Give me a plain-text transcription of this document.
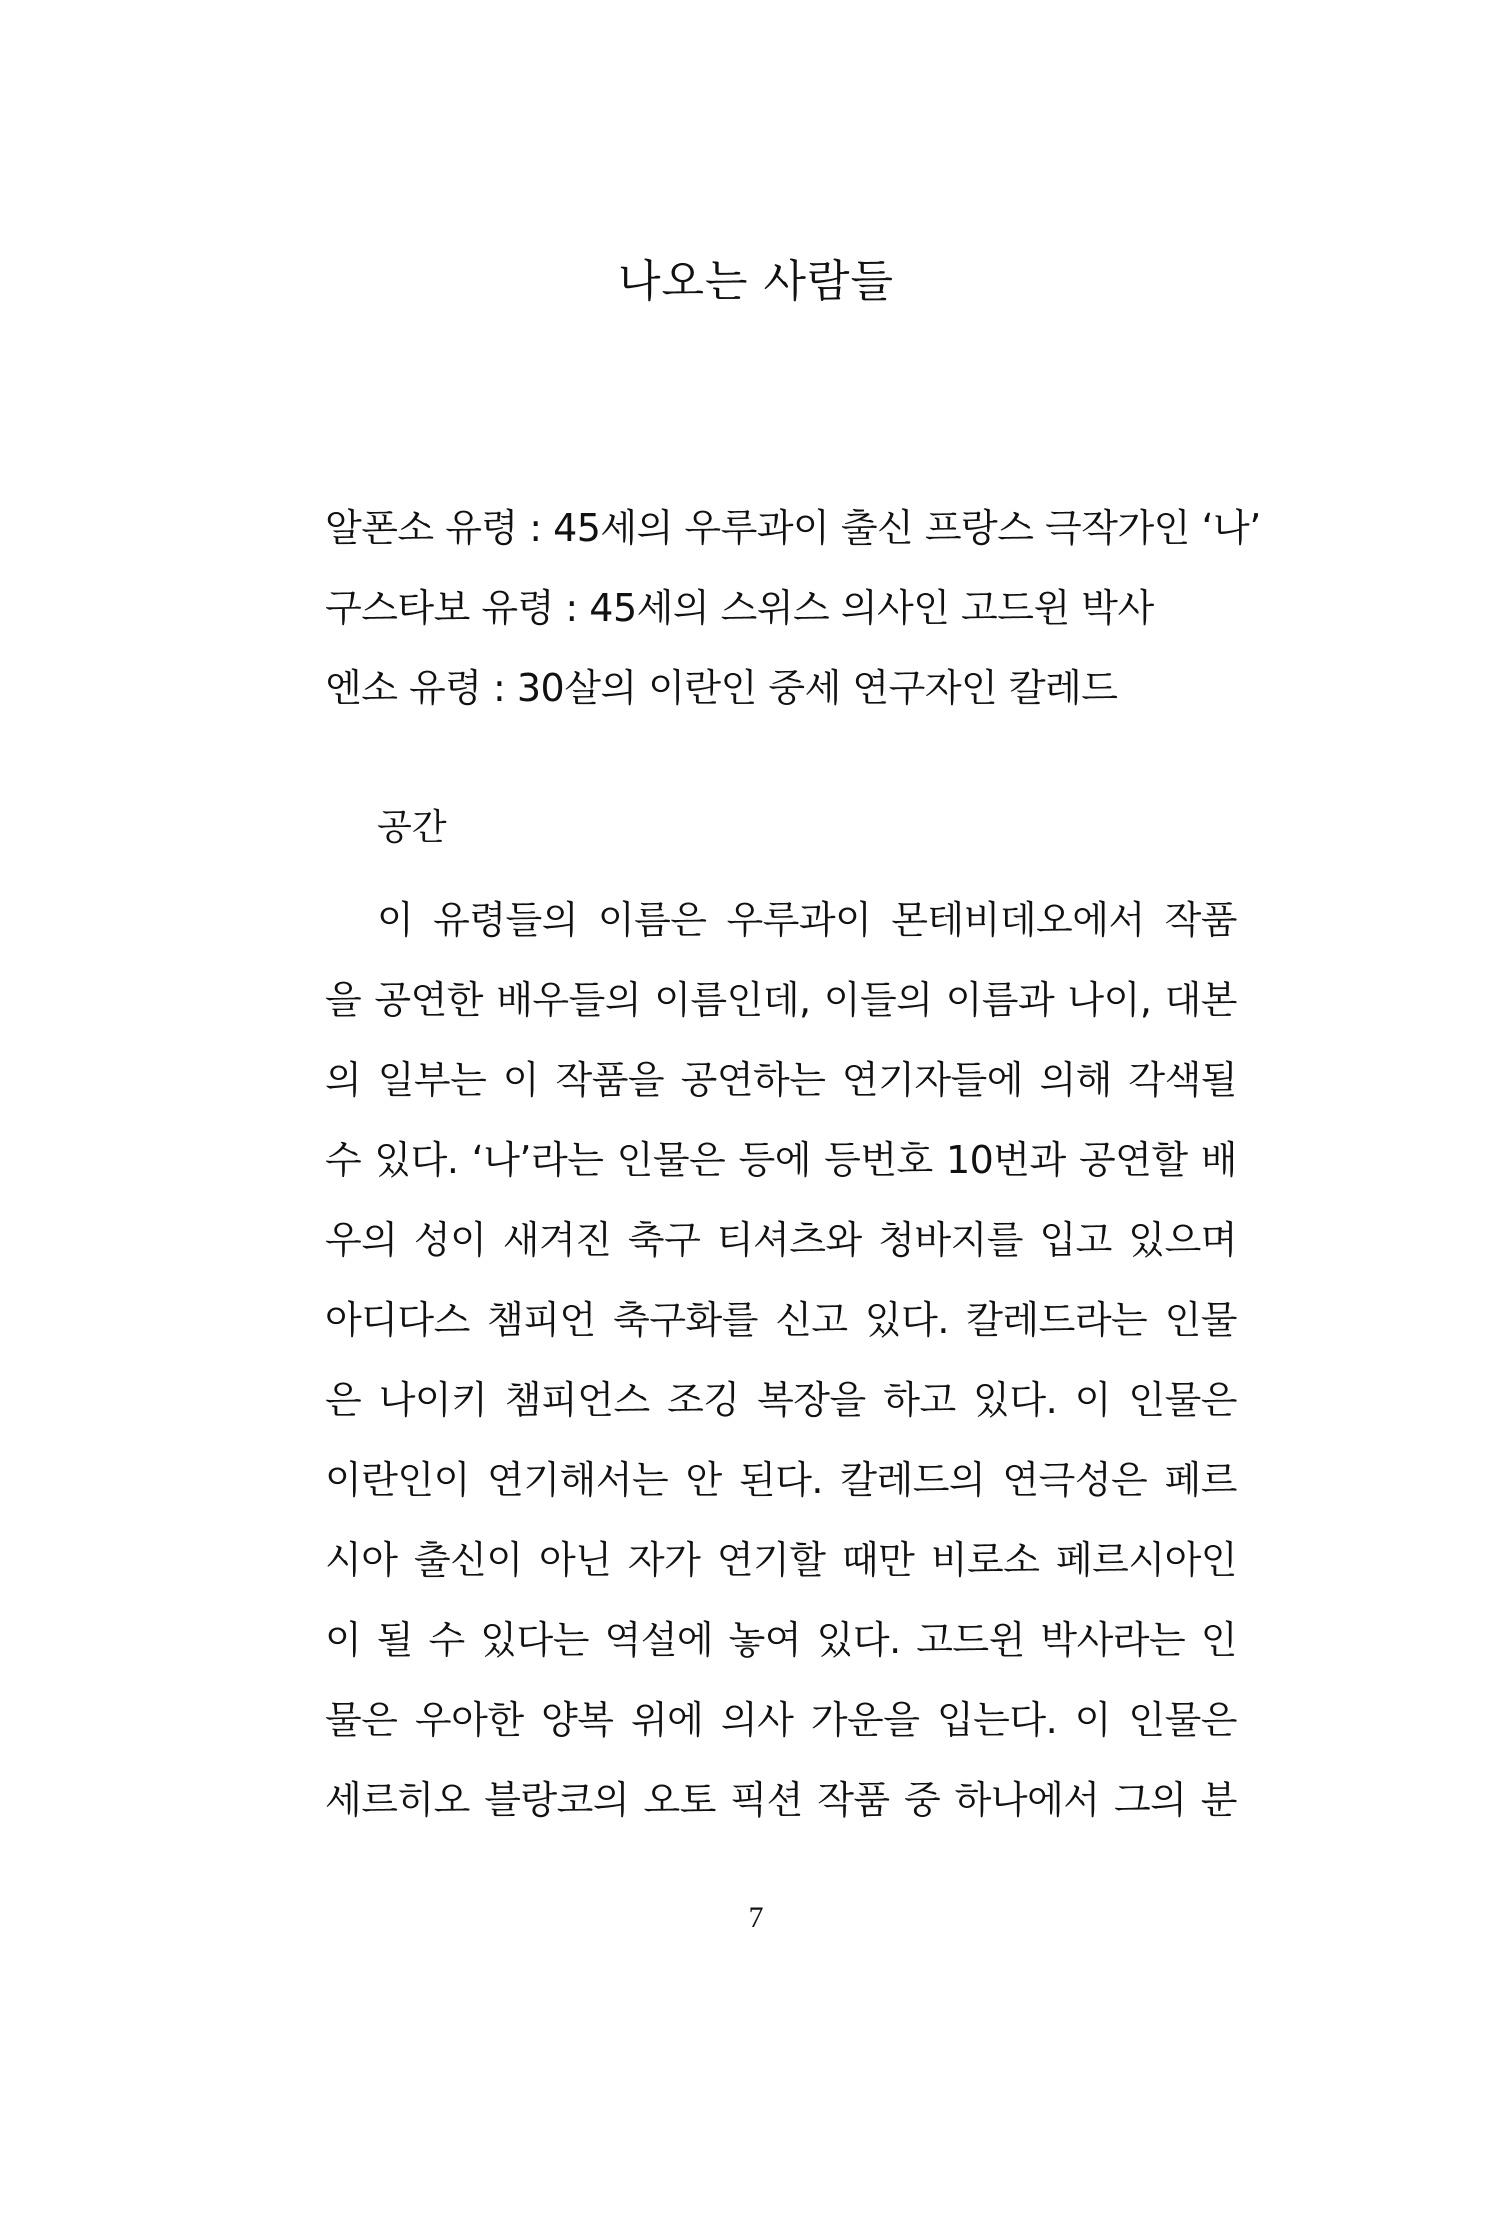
나오는 사람들
알폰소 유령 : 45세의 우루과이 출신 프랑스 극작가인 ‘나’
구스타보 유령 : 45세의 스위스 의사인 고드윈 박사
엔소 유령 : 30살의 이란인 중세 연구자인 칼레드
공간
이 유령들의 이름은 우루과이 몬테비데오에서 작품
을 공연한 배우들의 이름인데, 이들의 이름과 나이, 대본
의 일부는 이 작품을 공연하는 연기자들에 의해 각색될
수 있다. ‘나’라는 인물은 등에 등번호 10번과 공연할 배
우의 성이 새겨진 축구 티셔츠와 청바지를 입고 있으며
아디다스 챔피언 축구화를 신고 있다. 칼레드라는 인물
은 나이키 챔피언스 조깅 복장을 하고 있다. 이 인물은
이란인이 연기해서는 안 된다. 칼레드의 연극성은 페르
시아 출신이 아닌 자가 연기할 때만 비로소 페르시아인
이 될 수 있다는 역설에 놓여 있다. 고드윈 박사라는 인
물은 우아한 양복 위에 의사 가운을 입는다. 이 인물은
세르히오 블랑코의 오토 픽션 작품 중 하나에서 그의 분
7
